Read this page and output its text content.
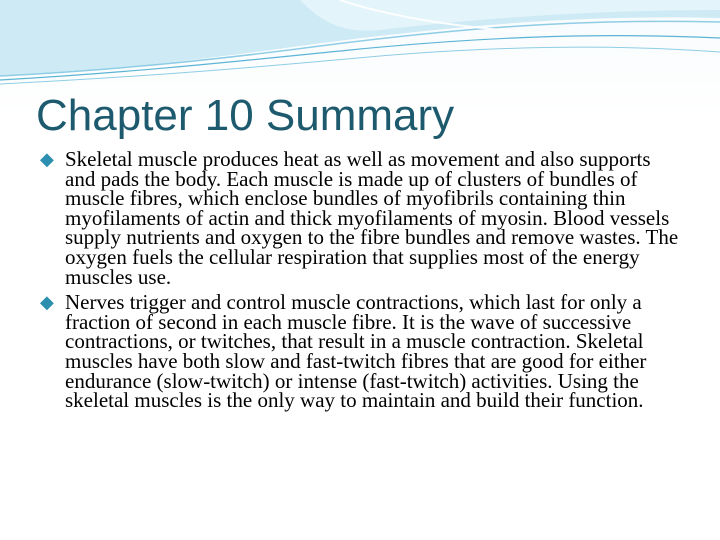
Chapter 10 Summary
◆ Skeletal muscle produces heat as well as movement and also supports and pads the body. Each muscle is made up of clusters of bundles of muscle fibres, which enclose bundles of myofibrils containing thin myofilaments of actin and thick myofilaments of myosin. Blood vessels supply nutrients and oxygen to the fibre bundles and remove wastes. The oxygen fuels the cellular respiration that supplies most of the energy muscles use.
◆ Nerves trigger and control muscle contractions, which last for only a fraction of second in each muscle fibre. It is the wave of successive contractions, or twitches, that result in a muscle contraction. Skeletal muscles have both slow and fast-twitch fibres that are good for either endurance (slow-twitch) or intense (fast-twitch) activities. Using the skeletal muscles is the only way to maintain and build their function.
